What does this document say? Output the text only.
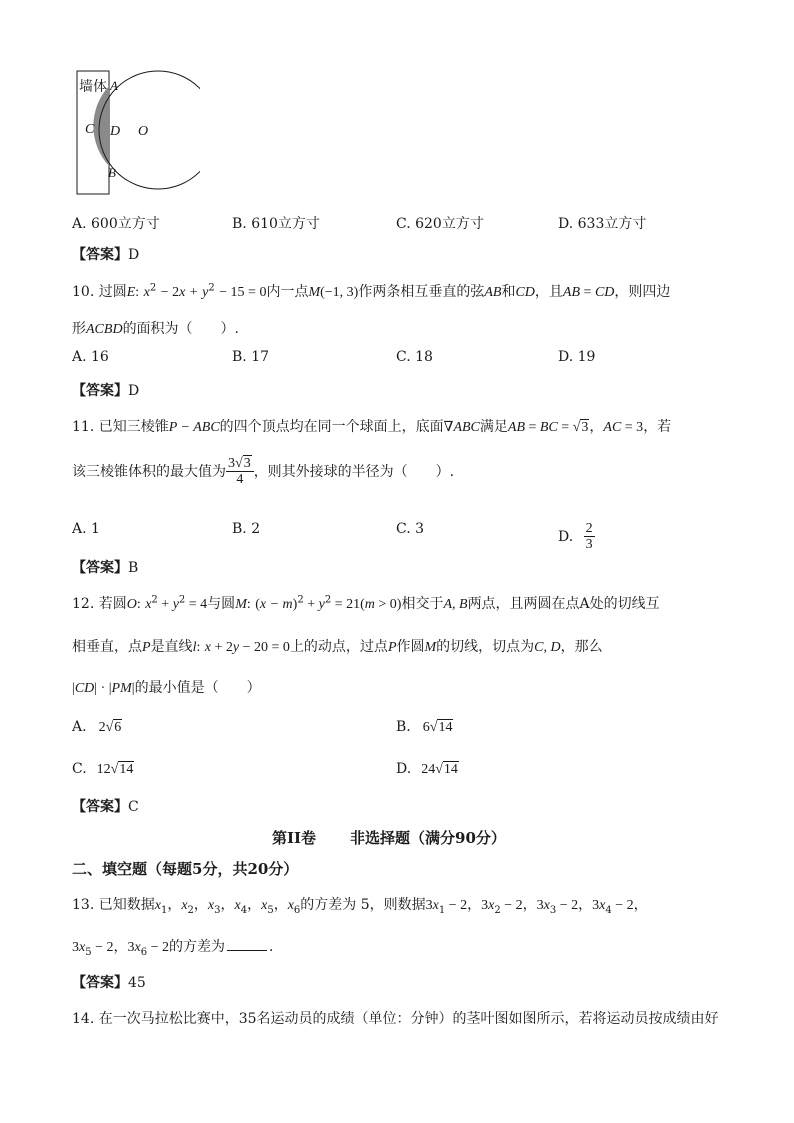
墙体 A
C D O
B
A. 600立方寸	B. 610立方寸	C. 620立方寸	D. 633立方寸
【答案】D
10. 过圆E: $x^2 - 2x + y^2 - 15 = 0$内一点M(−1, 3)作两条相互垂直的弦AB和CD，且AB = CD，则四边
形ACBD的面积为（　　）.
A. 16	B. 17	C. 18	D. 19
【答案】D
11. 已知三棱锥P − ABC的四个顶点均在同一个球面上，底面∇ABC满足AB = BC = √3，AC = 3，若
该三棱锥体积的最大值为 $\frac{3√3}{4}$ ，则其外接球的半径为（　　）.
A. 1	B. 2	C. 3	D. $\frac{2}{3}$
【答案】B
12. 若圆O: $x^2 + y^2 = 4$与圆M: $(x - m)^2 + y^2 = 21(m > 0)$相交于A, B两点，且两圆在点A处的切线互
相垂直，点P是直线l: x + 2y − 20 = 0上的动点，过点P作圆M的切线，切点为C, D，那么
|CD| · |PM|的最小值是（　　）
A. 2√6	B. 6√14
C. 12√14	D. 24√14
【答案】C
第II卷 非选择题（满分90分）
二、填空题（每题5分，共20分）
13. 已知数据$x_1$，$x_2$，$x_3$，$x_4$，$x_5$，$x_6$的方差为 5，则数据$3x_1 - 2$，$3x_2 - 2$，$3x_3 - 2$，$3x_4 - 2$，
$3x_5 - 2$，$3x_6 - 2$的方差为	.
【答案】45
14. 在一次马拉松比赛中，35名运动员的成绩（单位：分钟）的茎叶图如图所示，若将运动员按成绩由好
